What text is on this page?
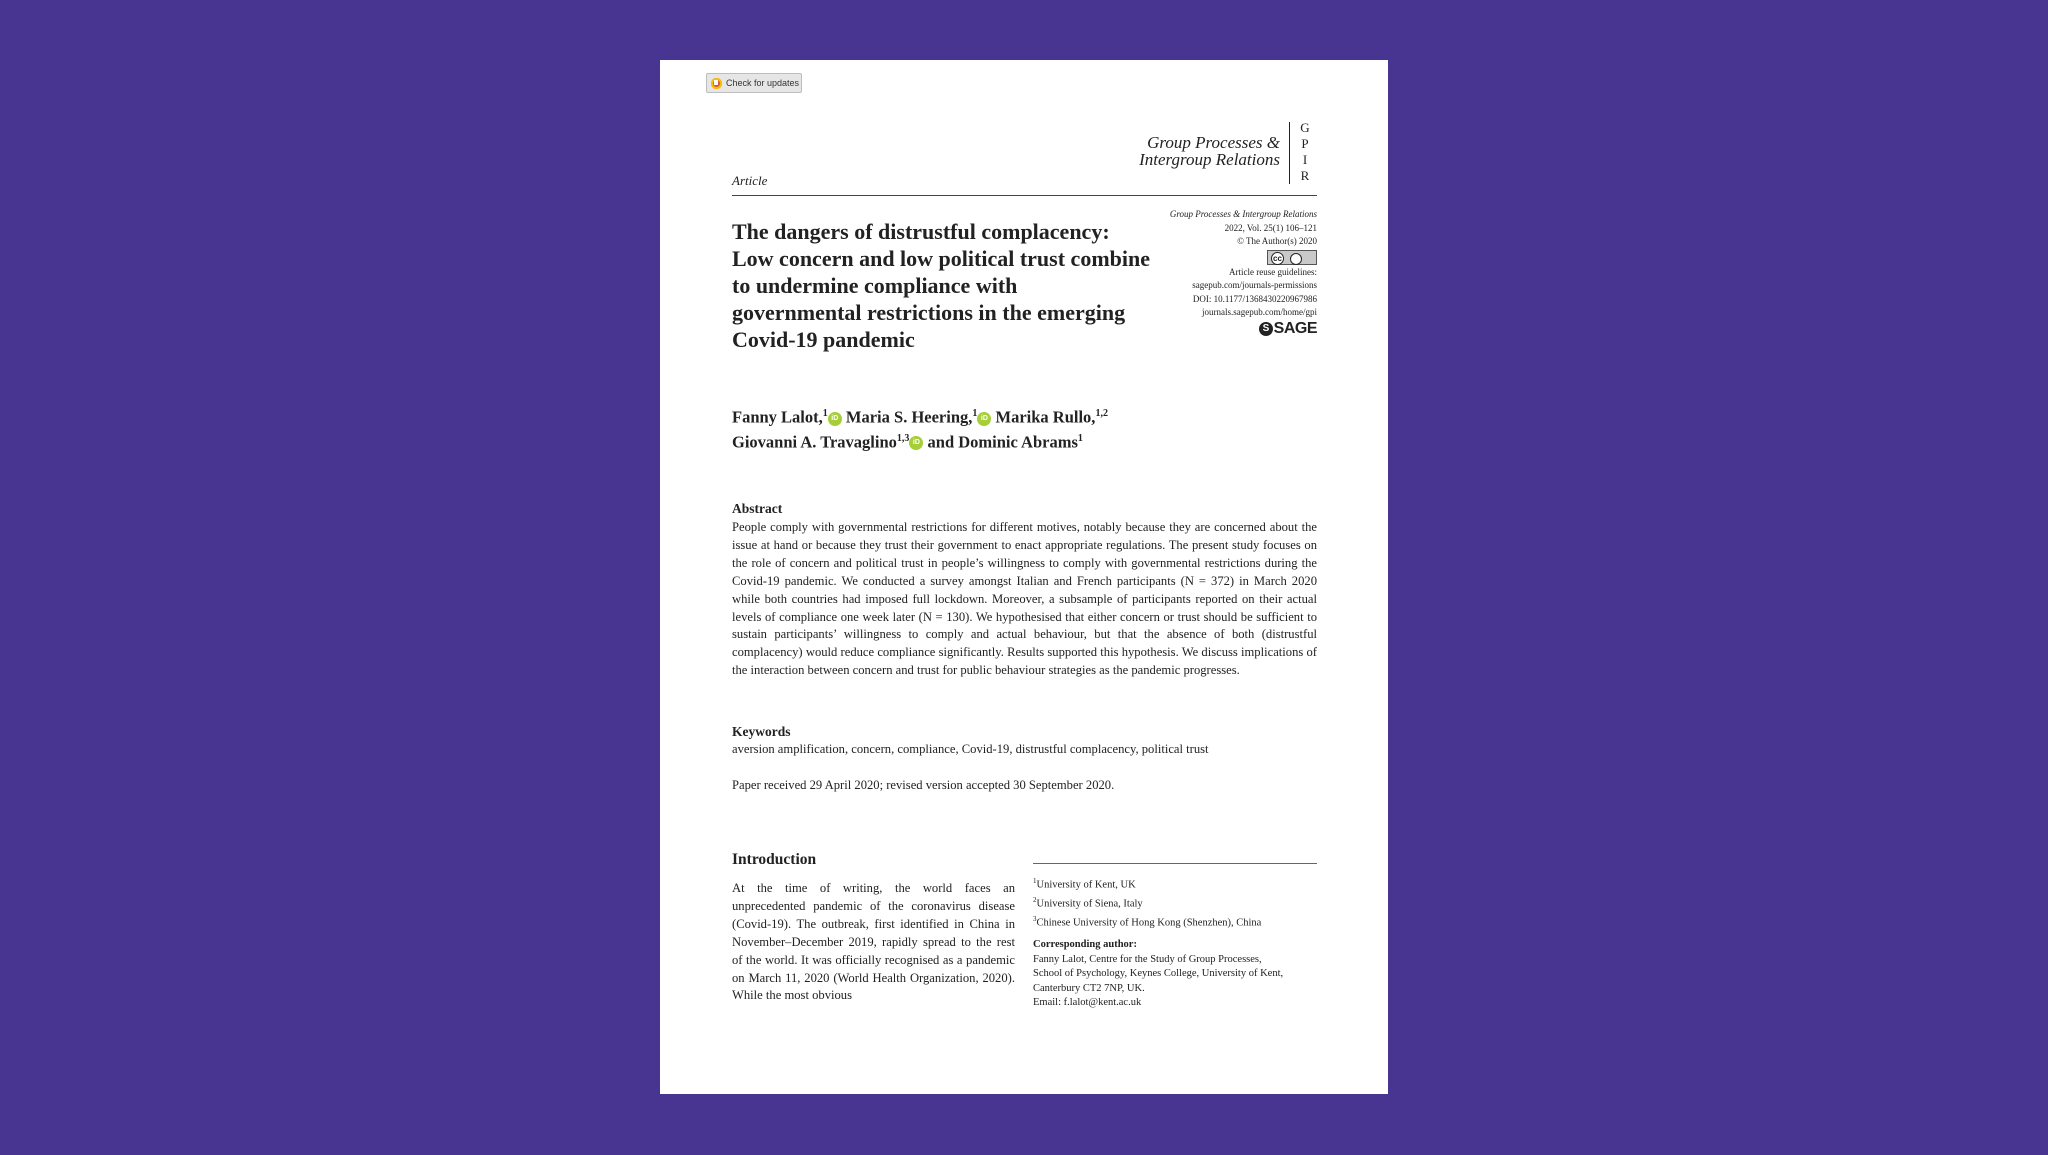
Check for updates
Group Processes &
Intergroup Relations
G
P
I
R
Article
Group Processes & Intergroup Relations
2022, Vol. 25(1) 106–121
© The Author(s) 2020
cc
Article reuse guidelines:
sagepub.com/journals-permissions
DOI: 10.1177/1368430220967986
journals.sagepub.com/home/gpi
S SAGE
The dangers of distrustful complacency: Low concern and low political trust combine to undermine compliance with governmental restrictions in the emerging Covid-19 pandemic
Fanny Lalot,$^1$ iD Maria S. Heering,$^1$ iD Marika Rullo,$^{1,2}$
Giovanni A. Travaglino$^{1,3}$ iD and Dominic Abrams$^1$
Abstract
People comply with governmental restrictions for different motives, notably because they are concerned about the issue at hand or because they trust their government to enact appropriate regulations. The present study focuses on the role of concern and political trust in people’s willingness to comply with governmental restrictions during the Covid-19 pandemic. We conducted a survey amongst Italian and French participants (N = 372) in March 2020 while both countries had imposed full lockdown. Moreover, a subsample of participants reported on their actual levels of compliance one week later (N = 130). We hypothesised that either concern or trust should be sufficient to sustain participants’ willingness to comply and actual behaviour, but that the absence of both (distrustful complacency) would reduce compliance significantly. Results supported this hypothesis. We discuss implications of the interaction between concern and trust for public behaviour strategies as the pandemic progresses.
Keywords
aversion amplification, concern, compliance, Covid-19, distrustful complacency, political trust
Paper received 29 April 2020; revised version accepted 30 September 2020.
Introduction
At the time of writing, the world faces an unprecedented pandemic of the coronavirus disease (Covid-19). The outbreak, first identified in China in November–December 2019, rapidly spread to the rest of the world. It was officially recognised as a pandemic on March 11, 2020 (World Health Organization, 2020). While the most obvious
$^1$University of Kent, UK
$^2$University of Siena, Italy
$^3$Chinese University of Hong Kong (Shenzhen), China
Corresponding author:
Fanny Lalot, Centre for the Study of Group Processes,
School of Psychology, Keynes College, University of Kent,
Canterbury CT2 7NP, UK.
Email: f.lalot@kent.ac.uk
